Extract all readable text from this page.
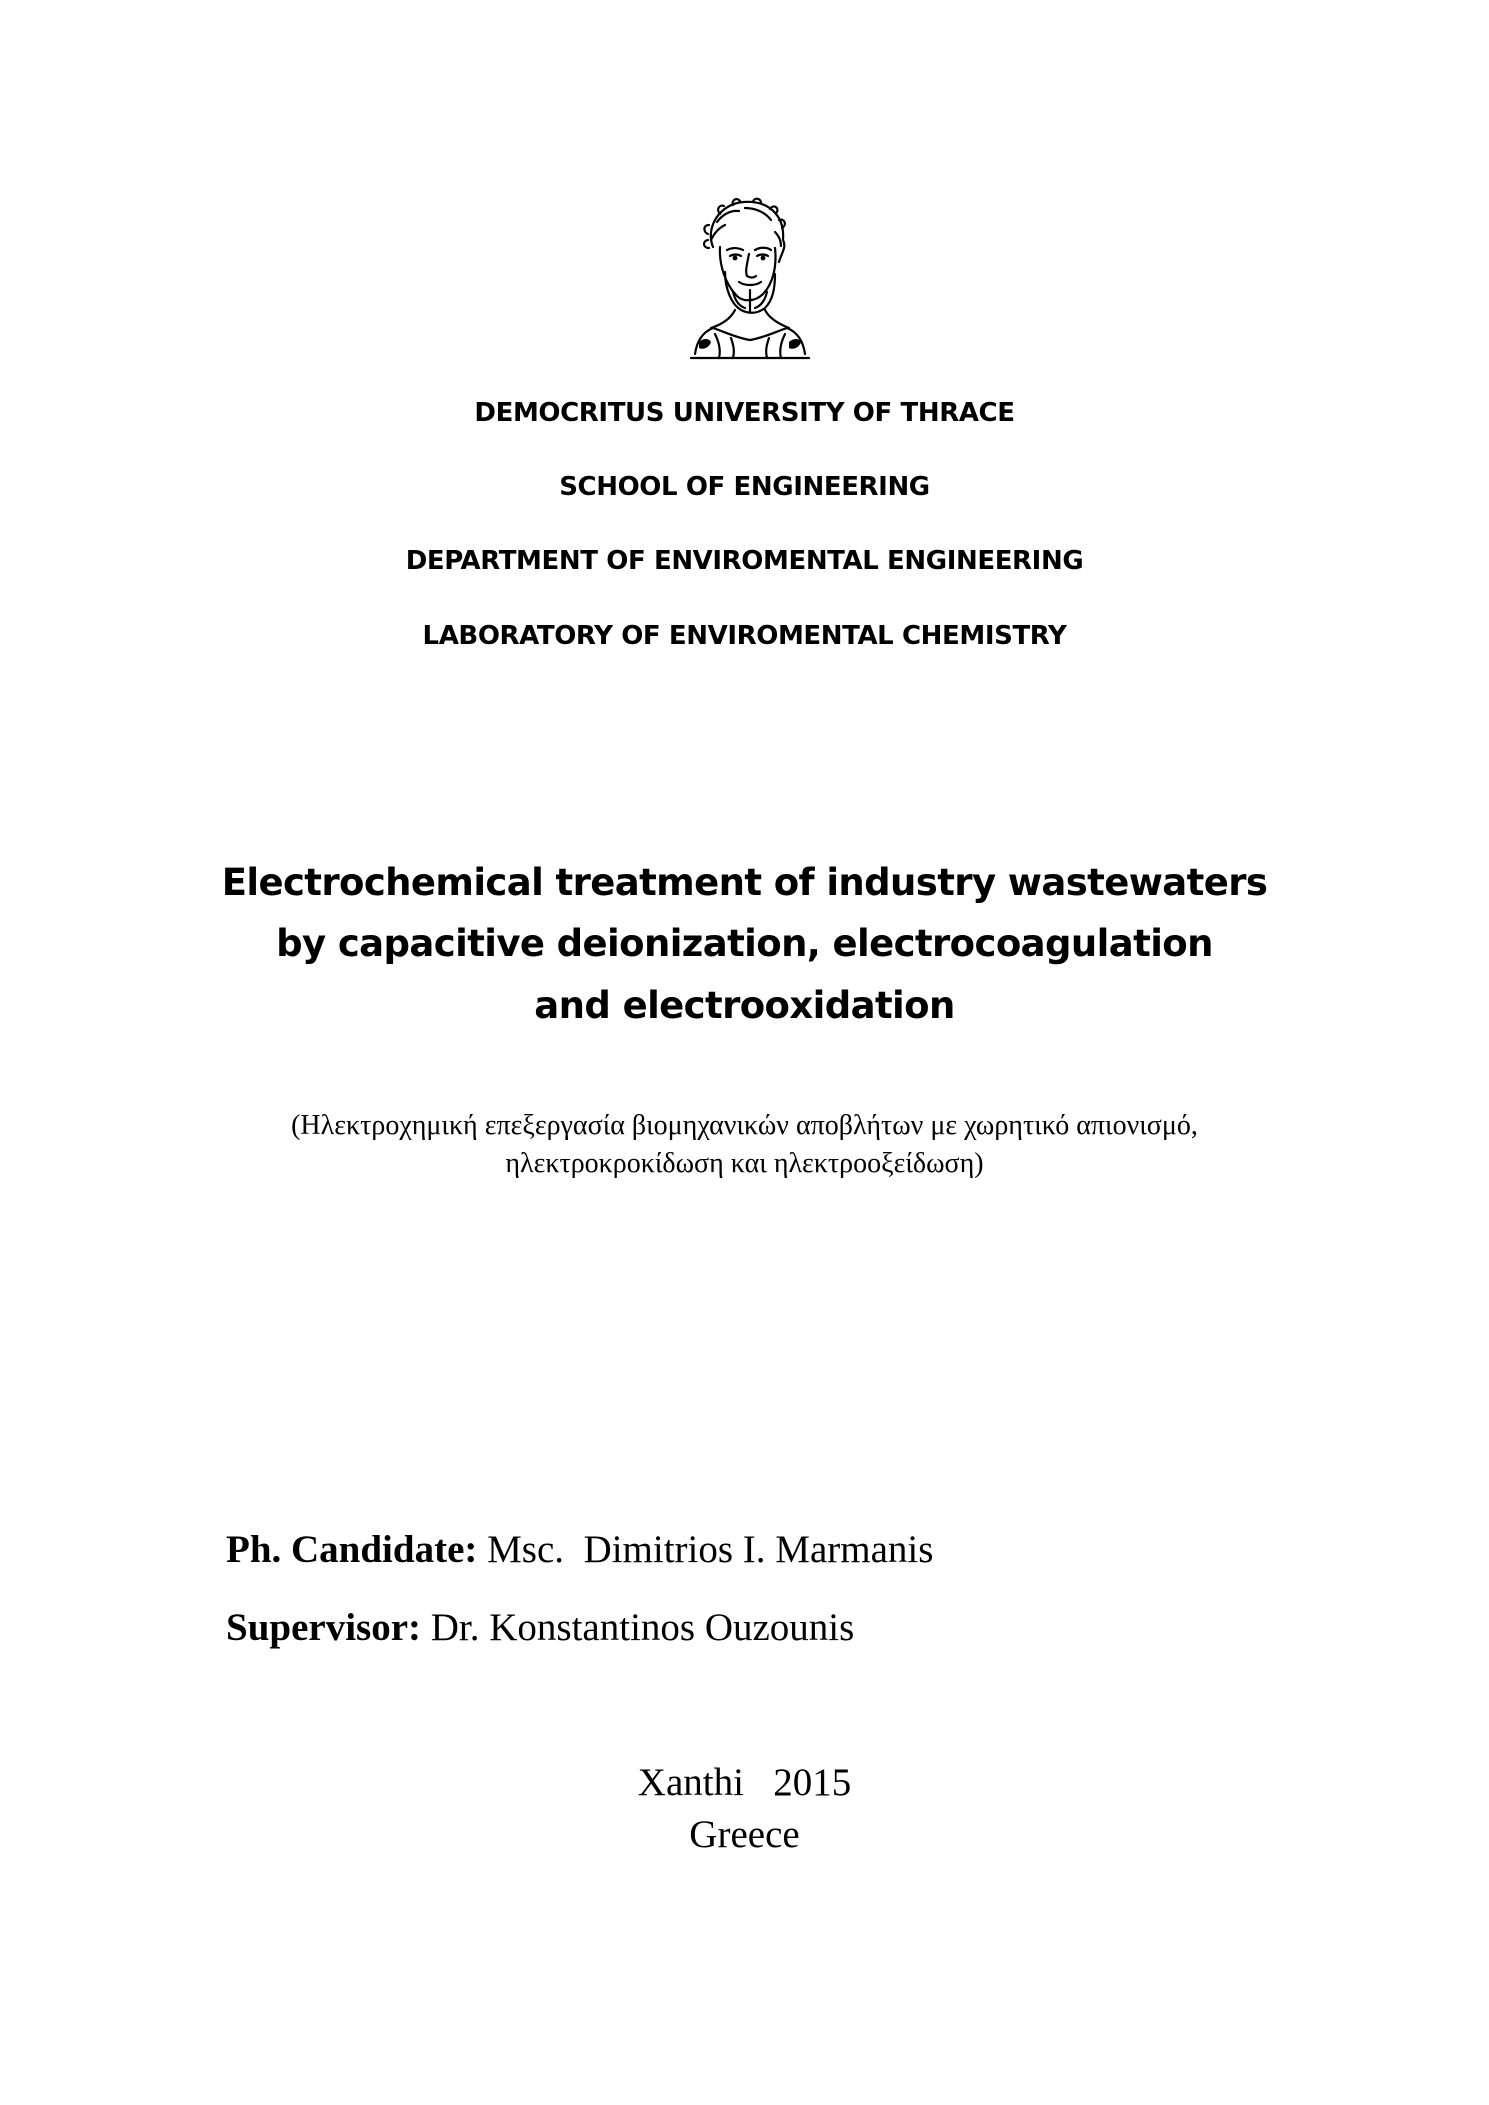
DEMOCRITUS UNIVERSITY OF THRACE
SCHOOL OF ENGINEERING
DEPARTMENT OF ENVIROMENTAL ENGINEERING
LABORATORY OF ENVIROMENTAL CHEMISTRY
Electrochemical treatment of industry wastewaters
by capacitive deionization, electrocoagulation
and electrooxidation
(Ηλεκτροχημική επεξεργασία βιομηχανικών αποβλήτων με χωρητικό απιονισμό,
ηλεκτροκροκίδωση και ηλεκτροοξείδωση)
Ph. Candidate: Msc.  Dimitrios I. Marmanis
Supervisor: Dr. Konstantinos Ouzounis
Xanthi   2015
Greece
